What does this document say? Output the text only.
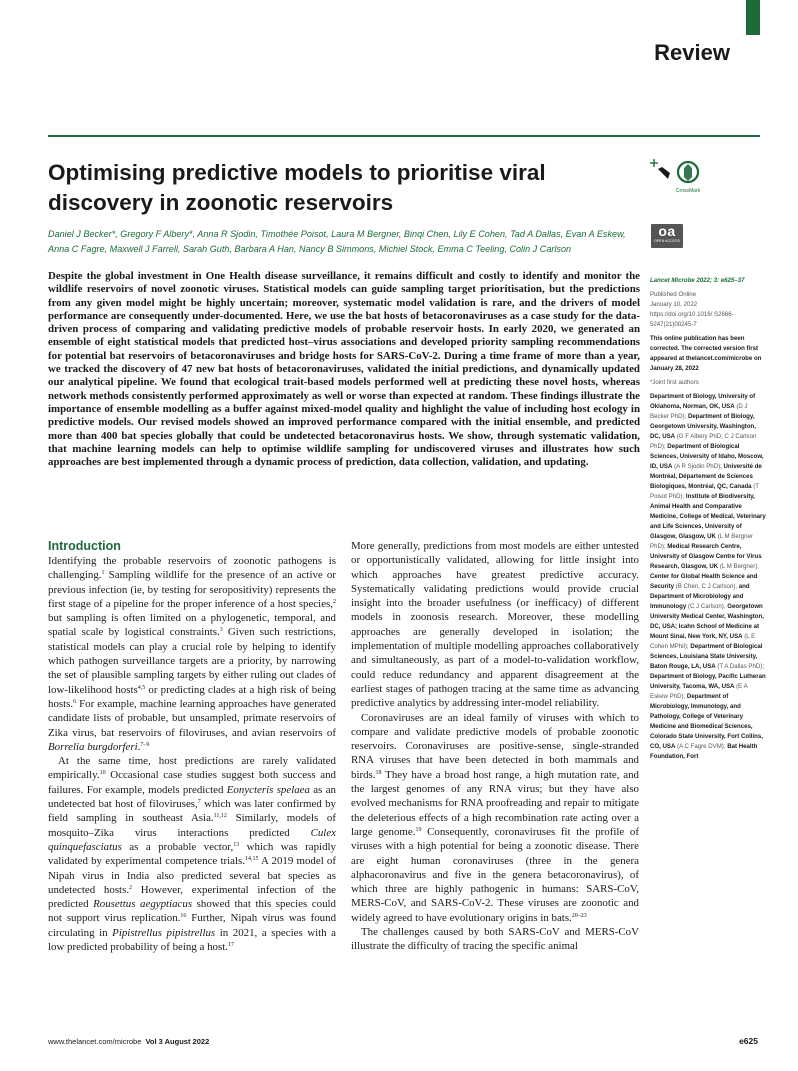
Review
Optimising predictive models to prioritise viral discovery in zoonotic reservoirs	CrossMark
oa
OPEN ACCESS
Daniel J Becker*, Gregory F Albery*, Anna R Sjodin, Timothée Poisot, Laura M Bergner, Binqi Chen, Lily E Cohen, Tad A Dallas, Evan A Eskew, Anna C Fagre, Maxwell J Farrell, Sarah Guth, Barbara A Han, Nancy B Simmons, Michiel Stock, Emma C Teeling, Colin J Carlson
Despite the global investment in One Health disease surveillance, it remains difficult and costly to identify and monitor the wildlife reservoirs of novel zoonotic viruses. Statistical models can guide sampling target prioritisation, but the predictions from any given model might be highly uncertain; moreover, systematic model validation is rare, and the drivers of model performance are consequently under-documented. Here, we use the bat hosts of betacoronaviruses as a case study for the data-driven process of comparing and validating predictive models of probable reservoir hosts. In early 2020, we generated an ensemble of eight statistical models that predicted host–virus associations and developed priority sampling recommendations for potential bat reservoirs of betacoronaviruses and bridge hosts for SARS-CoV-2. During a time frame of more than a year, we tracked the discovery of 47 new bat hosts of betacoronaviruses, validated the initial predictions, and dynamically updated our analytical pipeline. We found that ecological trait-based models performed well at predicting these novel hosts, whereas network methods consistently performed approximately as well or worse than expected at random. These findings illustrate the importance of ensemble modelling as a buffer against mixed-model quality and highlight the value of including host ecology in predictive models. Our revised models showed an improved performance compared with the initial ensemble, and predicted more than 400 bat species globally that could be undetected betacoronavirus hosts. We show, through systematic validation, that machine learning models can help to optimise wildlife sampling for undiscovered viruses and illustrates how such approaches are best implemented through a dynamic process of prediction, data collection, validation, and updating.
Introduction

Identifying the probable reservoirs of zoonotic pathogens is challenging.$^1$ Sampling wildlife for the presence of an active or previous infection (ie, by testing for seropositivity) represents the first stage of a pipeline for the proper inference of a host species,$^2$ but sampling is often limited on a phylogenetic, temporal, and spatial scale by logistical constraints.$^3$ Given such restrictions, statistical models can play a crucial role by helping to identify which pathogen surveillance targets are a priority, by narrowing the set of plausible sampling targets by either ruling out clades of low-likelihood hosts$^{4,5}$ or predicting clades at a high risk of being hosts.$^6$ For example, machine learning approaches have generated candidate lists of probable, but unsampled, primate reservoirs of Zika virus, bat reservoirs of filoviruses, and avian reservoirs of Borrelia burgdorferi.$^{7-9}$

At the same time, host predictions are rarely validated empirically.$^{10}$ Occasional case studies suggest both success and failures. For example, models predicted Eonycteris spelaea as an undetected bat host of filoviruses,$^7$ which was later confirmed by field sampling in southeast Asia.$^{11,12}$ Similarly, models of mosquito–Zika virus interactions predicted Culex quinquefasciatus as a probable vector,$^{13}$ which was rapidly validated by experimental competence trials.$^{14,15}$ A 2019 model of Nipah virus in India also predicted several bat species as undetected hosts.$^2$ However, experimental infection of the predicted Rousettus aegyptiacus showed that this species could not support virus replication.$^{16}$ Further, Nipah virus was found circulating in Pipistrellus pipistrellus in 2021, a species with a low predicted probability of being a host.$^{17}$

More generally, predictions from most models are either untested or opportunistically validated, allowing for little insight into which approaches have greatest predictive accuracy. Systematically validating predictions would provide crucial insight into the broader usefulness (or inefficacy) of different models in zoonosis research. Moreover, these modelling approaches are generally developed in isolation; the implementation of multiple modelling approaches collaboratively and simultaneously, as part of a model-to-validation workflow, could reduce redundancy and apparent disagreement at the earliest stages of pathogen tracing at the same time as advancing predictive analytics by addressing inter-model reliability.

Coronaviruses are an ideal family of viruses with which to compare and validate predictive models of probable zoonotic reservoirs. Coronaviruses are positive-sense, single-stranded RNA viruses that have been detected in both mammals and birds.$^{18}$ They have a broad host range, a high mutation rate, and the largest genomes of any RNA virus; but they have also evolved mechanisms for RNA proofreading and repair to mitigate the deleterious effects of a high recombination rate acting over a large genome.$^{19}$ Consequently, coronaviruses fit the profile of viruses with a high potential for being a zoonotic disease. There are eight human coronaviruses (three in the genera alphacoronavirus and five in the genera betacoronavirus), of which three are highly pathogenic in humans: SARS-CoV, MERS-CoV, and SARS-CoV-2. These viruses are zoonotic and widely agreed to have evolutionary origins in bats.$^{20-23}$

The challenges caused by both SARS-CoV and MERS-CoV illustrate the difficulty of tracing the specific animal

Lancet Microbe 2022; 3: e625–37

Published Online

January 10, 2022

https://doi.org/10.1016/ S2666-5247(21)00245-7

This online publication has been corrected. The corrected version first appeared at thelancet.com/microbe on January 28, 2022

*Joint first authors

Department of Biology, University of Oklahoma, Norman, OK, USA (D J Becker PhD); Department of Biology, Georgetown University, Washington, DC, USA (G F Albery PhD, C J Carlson PhD); Department of Biological Sciences, University of Idaho, Moscow, ID, USA (A R Sjodin PhD); Université de Montréal, Département de Sciences Biologiques, Montréal, QC, Canada (T Poisot PhD); Institute of Biodiversity, Animal Health and Comparative Medicine, College of Medical, Veterinary and Life Sciences, University of Glasgow, Glasgow, UK (L M Bergner PhD); Medical Research Centre, University of Glasgow Centre for Virus Research, Glasgow, UK (L M Bergner); Center for Global Health Science and Security (B Chen, C J Carlson), and Department of Microbiology and Immunology (C J Carlson), Georgetown University Medical Center, Washington, DC, USA; Icahn School of Medicine at Mount Sinai, New York, NY, USA (L E Cohen MPhil); Department of Biological Sciences, Louisiana State University, Baton Rouge, LA, USA (T A Dallas PhD); Department of Biology, Pacific Lutheran University, Tacoma, WA, USA (E A Eskew PhD); Department of Microbiology, Immunology, and Pathology, College of Veterinary Medicine and Biomedical Sciences, Colorado State University, Fort Collins, CO, USA (A C Fagre DVM); Bat Health Foundation, Fort

www.thelancet.com/microbe Vol 3 August 2022	e625
